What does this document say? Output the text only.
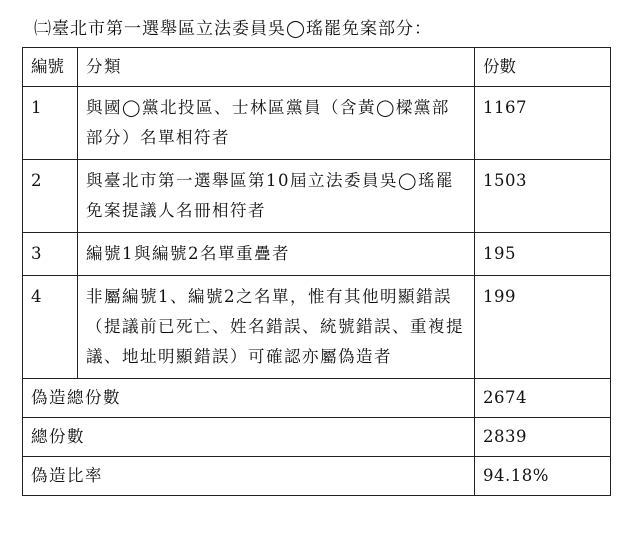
㈡臺北市第一選舉區立法委員吳◯瑤罷免案部分：
編號	分類	份數
1	與國◯黨北投區、士林區黨員（含黃◯樑黨部部分）名單相符者	1167
2	與臺北市第一選舉區第10屆立法委員吳◯瑤罷免案提議人名冊相符者	1503
3	編號1與編號2名單重疊者	195
4	非屬編號1、編號2之名單，惟有其他明顯錯誤（提議前已死亡、姓名錯誤、統號錯誤、重複提議、地址明顯錯誤）可確認亦屬偽造者	199
偽造總份數		2674
總份數		2839
偽造比率		94.18%
